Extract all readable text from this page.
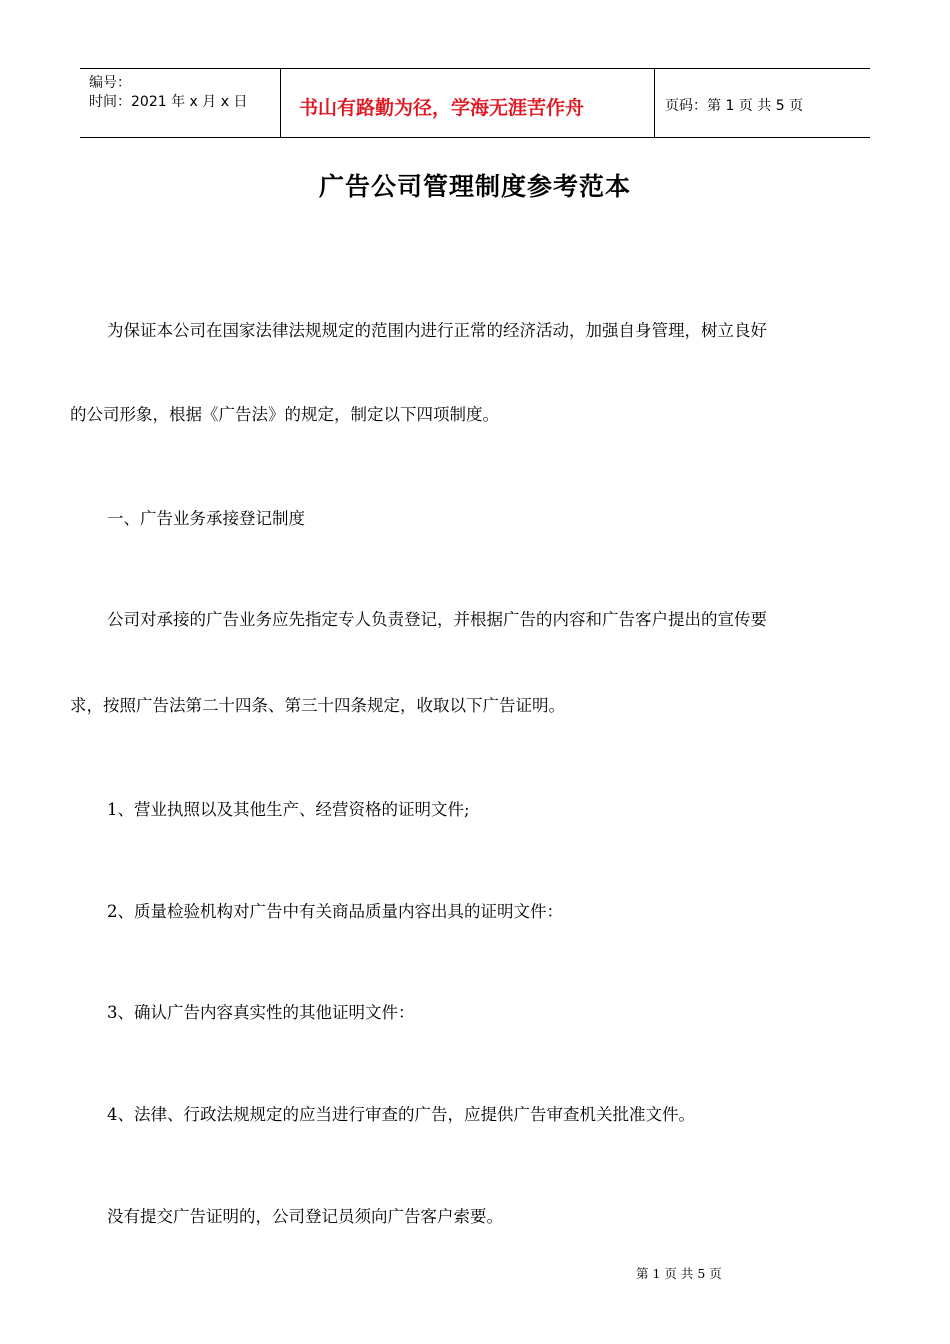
编号：
时间：2021 年 x 月 x 日	书山有路勤为径，学海无涯苦作舟	页码：第 1 页 共 5 页
广告公司管理制度参考范本
为保证本公司在国家法律法规规定的范围内进行正常的经济活动，加强自身管理，树立良好
的公司形象，根据《广告法》的规定，制定以下四项制度。
一、广告业务承接登记制度
公司对承接的广告业务应先指定专人负责登记，并根据广告的内容和广告客户提出的宣传要
求，按照广告法第二十四条、第三十四条规定，收取以下广告证明。
1、营业执照以及其他生产、经营资格的证明文件;
2、质量检验机构对广告中有关商品质量内容出具的证明文件：
3、确认广告内容真实性的其他证明文件：
4、法律、行政法规规定的应当进行审查的广告，应提供广告审查机关批准文件。
没有提交广告证明的，公司登记员须向广告客户索要。
第 1 页 共 5 页
